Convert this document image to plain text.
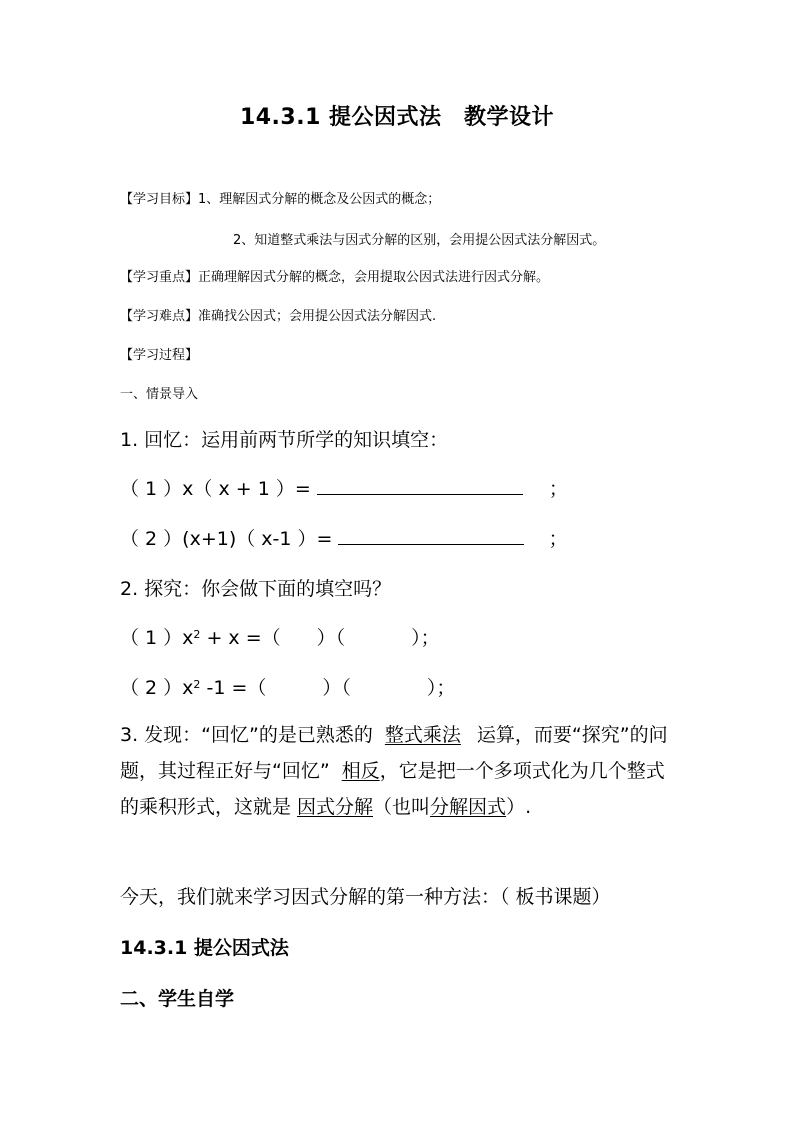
14.3.1 提公因式法　教学设计
【学习目标】1、理解因式分解的概念及公因式的概念；
2、知道整式乘法与因式分解的区别，会用提公因式法分解因式。
【学习重点】正确理解因式分解的概念，会用提取公因式法进行因式分解。
【学习难点】准确找公因式；会用提公因式法分解因式.
【学习过程】
一、情景导入
1. 回忆：运用前两节所学的知识填空：
（ 1 ）x（ x + 1 ）=	；
（ 2 ）(x+1)（ x-1 ）=	；
2. 探究：你会做下面的填空吗？
（ 1 ）$x^2 + x$ =（ ）（	）；
（ 2 ）$x^2$ -1 =（	）（	）；
3. 发现：“回忆”的是已熟悉的 整式乘法 运算，而要“探究”的问题，其过程正好与“回忆” 相反，它是把一个多项式化为几个整式的乘积形式，这就是 因式分解（也叫分解因式）.
今天，我们就来学习因式分解的第一种方法：（ 板书课题）
14.3.1 提公因式法
二、学生自学
